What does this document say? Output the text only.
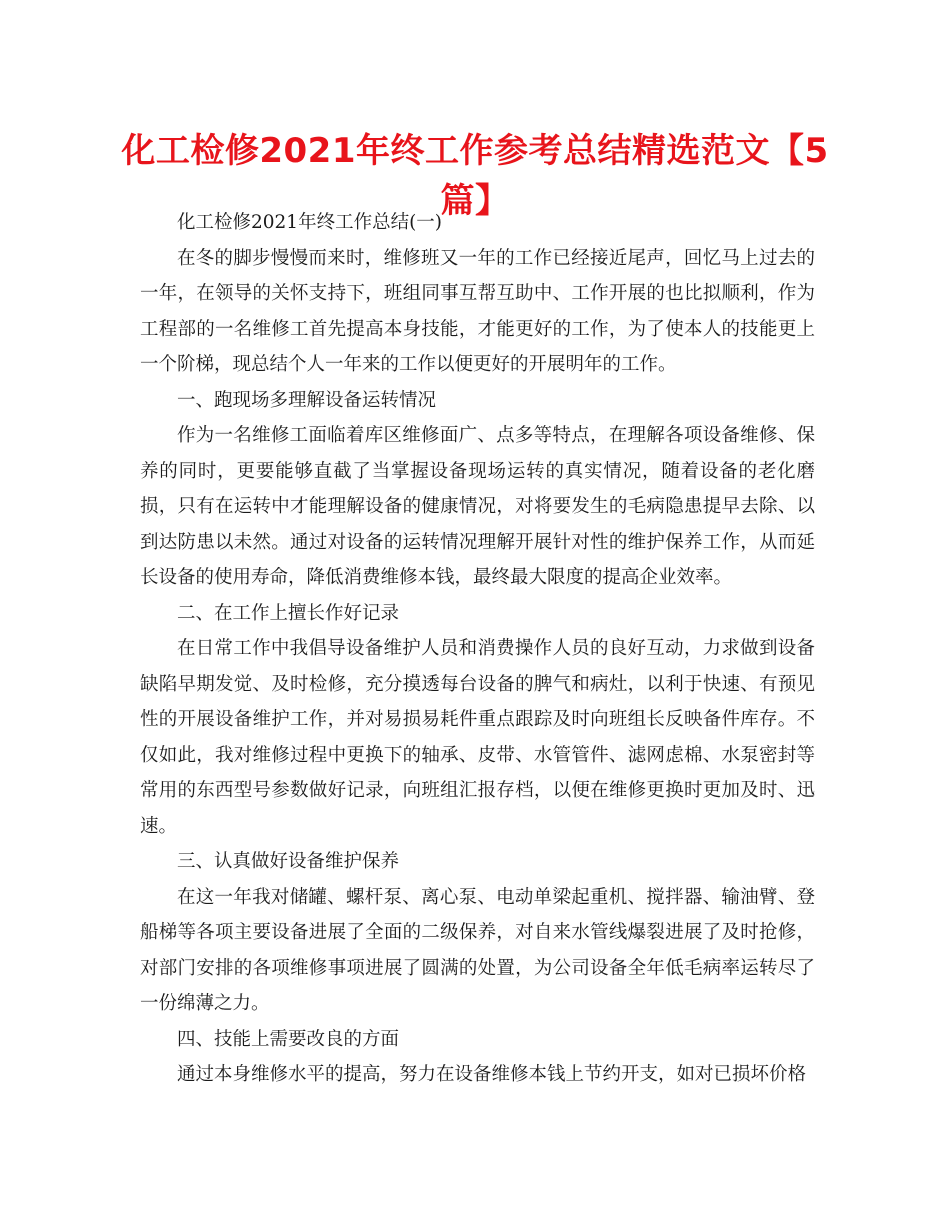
化工检修2021年终工作参考总结精选范文【5篇】

化工检修2021年终工作总结(一)

在冬的脚步慢慢而来时，维修班又一年的工作已经接近尾声，回忆马上过去的一年，在领导的关怀支持下，班组同事互帮互助中、工作开展的也比拟顺利，作为工程部的一名维修工首先提高本身技能，才能更好的工作，为了使本人的技能更上一个阶梯，现总结个人一年来的工作以便更好的开展明年的工作。

一、跑现场多理解设备运转情况

作为一名维修工面临着库区维修面广、点多等特点，在理解各项设备维修、保养的同时，更要能够直截了当掌握设备现场运转的真实情况，随着设备的老化磨损，只有在运转中才能理解设备的健康情况，对将要发生的毛病隐患提早去除、以到达防患以未然。通过对设备的运转情况理解开展针对性的维护保养工作，从而延长设备的使用寿命，降低消费维修本钱，最终最大限度的提高企业效率。

二、在工作上擅长作好记录

在日常工作中我倡导设备维护人员和消费操作人员的良好互动，力求做到设备缺陷早期发觉、及时检修，充分摸透每台设备的脾气和病灶，以利于快速、有预见性的开展设备维护工作，并对易损易耗件重点跟踪及时向班组长反映备件库存。不仅如此，我对维修过程中更换下的轴承、皮带、水管管件、滤网虑棉、水泵密封等常用的东西型号参数做好记录，向班组汇报存档，以便在维修更换时更加及时、迅速。

三、认真做好设备维护保养

在这一年我对储罐、螺杆泵、离心泵、电动单梁起重机、搅拌器、输油臂、登船梯等各项主要设备进展了全面的二级保养，对自来水管线爆裂进展了及时抢修，对部门安排的各项维修事项进展了圆满的处置，为公司设备全年低毛病率运转尽了一份绵薄之力。

四、技能上需要改良的方面

通过本身维修水平的提高，努力在设备维修本钱上节约开支，如对已损坏价格
